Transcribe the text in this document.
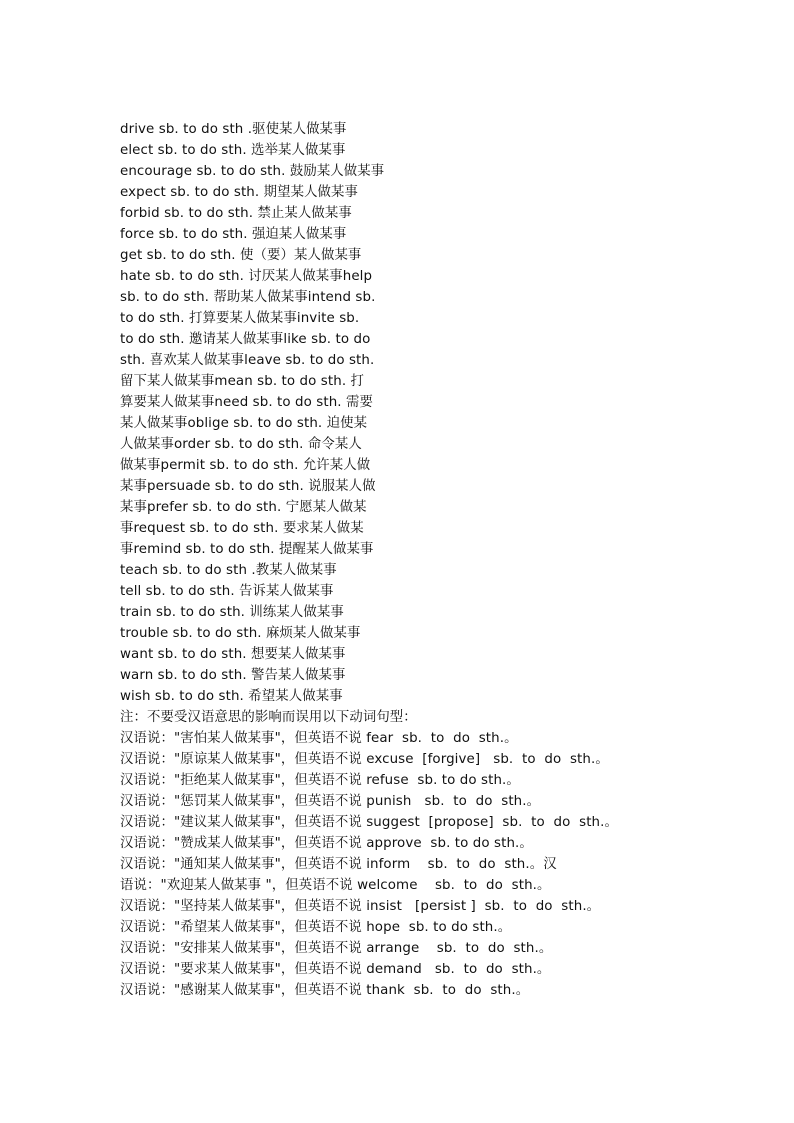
drive sb. to do sth .驱使某人做某事
elect sb. to do sth. 选举某人做某事
encourage sb. to do sth. 鼓励某人做某事
expect sb. to do sth. 期望某人做某事
forbid sb. to do sth. 禁止某人做某事
force sb. to do sth. 强迫某人做某事
get sb. to do sth. 使（要）某人做某事
hate sb. to do sth. 讨厌某人做某事help
sb. to do sth. 帮助某人做某事intend sb.
to do sth. 打算要某人做某事invite sb.
to do sth. 邀请某人做某事like sb. to do
sth. 喜欢某人做某事leave sb. to do sth.
留下某人做某事mean sb. to do sth. 打
算要某人做某事need sb. to do sth. 需要
某人做某事oblige sb. to do sth. 迫使某
人做某事order sb. to do sth. 命令某人
做某事permit sb. to do sth. 允许某人做
某事persuade sb. to do sth. 说服某人做
某事prefer sb. to do sth. 宁愿某人做某
事request sb. to do sth. 要求某人做某
事remind sb. to do sth. 提醒某人做某事
teach sb. to do sth .教某人做某事
tell sb. to do sth. 告诉某人做某事
train sb. to do sth. 训练某人做某事
trouble sb. to do sth. 麻烦某人做某事
want sb. to do sth. 想要某人做某事
warn sb. to do sth. 警告某人做某事
wish sb. to do sth. 希望某人做某事
注：不要受汉语意思的影响而误用以下动词句型：
汉语说："害怕某人做某事"，但英语不说 fear  sb.  to  do  sth.。
汉语说："原谅某人做某事"，但英语不说 excuse  [forgive]   sb.  to  do  sth.。
汉语说："拒绝某人做某事"，但英语不说 refuse  sb. to do sth.。
汉语说："惩罚某人做某事"，但英语不说 punish   sb.  to  do  sth.。
汉语说："建议某人做某事"，但英语不说 suggest  [propose]  sb.  to  do  sth.。
汉语说："赞成某人做某事"，但英语不说 approve  sb. to do sth.。
汉语说："通知某人做某事"，但英语不说 inform    sb.  to  do  sth.。汉
语说："欢迎某人做某事 "，但英语不说 welcome    sb.  to  do  sth.。
汉语说："坚持某人做某事"，但英语不说 insist   [persist ]  sb.  to  do  sth.。
汉语说："希望某人做某事"，但英语不说 hope  sb. to do sth.。
汉语说："安排某人做某事"，但英语不说 arrange    sb.  to  do  sth.。
汉语说："要求某人做某事"，但英语不说 demand   sb.  to  do  sth.。
汉语说："感谢某人做某事"，但英语不说 thank  sb.  to  do  sth.。
